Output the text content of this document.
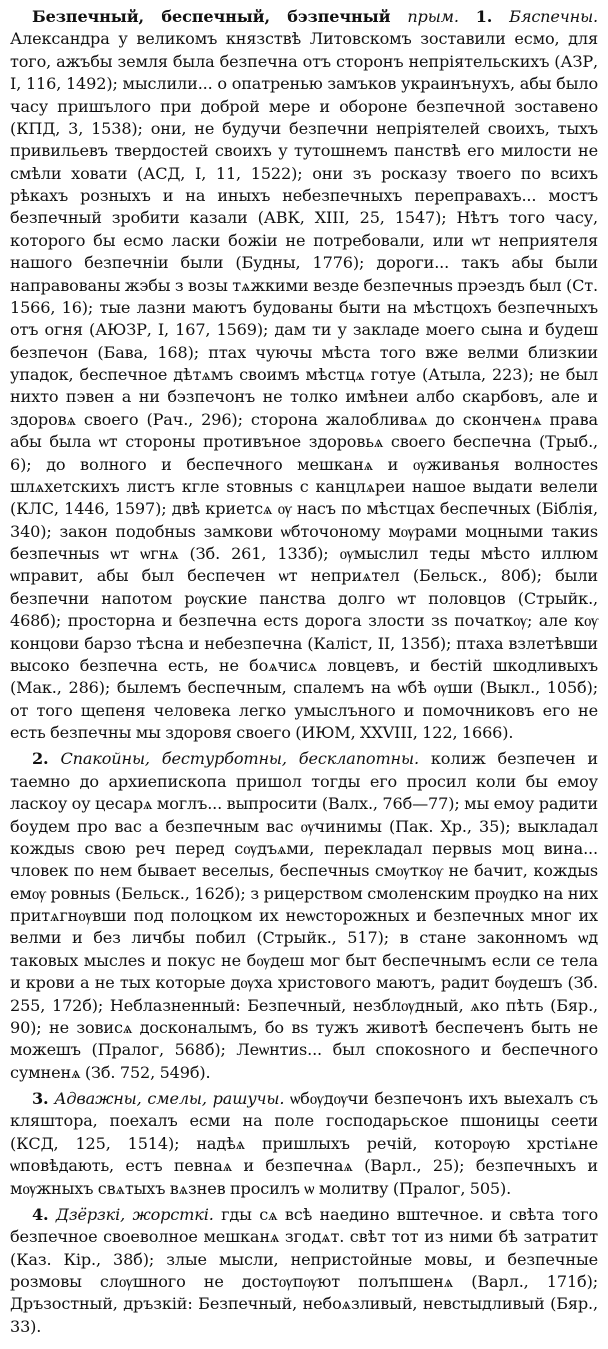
Безпечный, беспечный, бэзпечный прым. 1. Бяспечны. Александра у великомъ князствѣ Литовскомъ зоставили есмо, для того, ажъбы земля была безпечна отъ сторонъ непрiятельскихъ (АЗР, I, 116, 1492); мыслили... о опатренью замъков украинънухъ, абы было часу пришълого при доброй мере и обороне безпечной зоставено (КПД, 3, 1538); они, не будучи безпечни непрiятелей своихъ, тыхъ привильевъ твердостей своихъ у тутошнемъ панствѣ его милости не смѣли ховати (АСД, I, 11, 1522); они зъ росказу твоего по всихъ рѣкахъ розныхъ и на иныхъ небезпечныхъ переправахъ... мостъ безпечный зробити казали (АВК, XIII, 25, 1547); Нѣтъ того часу, которого бы есмо ласки божiи не потребовали, или ѡт неприятеля нашого безпечнiи были (Будны, 1776); дороги... такъ абы были направованы жэбы з возы тѧжкими везде безпечныѕ прэездъ был (Ст. 1566, 16); тые лазни маютъ будованы быти на мѣстцохъ безпечныхъ отъ огня (АЮЗР, I, 167, 1569); дам ти у закладе моего сына и будеш безпечон (Бава, 168); птах чуючы мѣста того вже велми близкии упадок, беспечное дѣтѧмъ своимъ мѣстцѧ готуе (Атыла, 223); не был нихто пэвен а ни бэзпечонъ не толко имѣнеи албо скарбовъ, але и здоровѧ своего (Рач., 296); сторона жалобливаѧ до сконченѧ права абы была ѡт стороны противъное здоровьѧ своего беспечна (Трыб., 6); до волного и беспечного мешканѧ и ѹживанья волностеѕ шлѧхетскихъ листъ кгле ѕтовныѕ с канцлѧреи нашое выдати велели (КЛС, 1446, 1597); двѣ криетсѧ ѹ насъ по мѣстцах беспечных (Бiблiя, 340); закон подобныѕ замкови ѡбточоному мѹрами моцными такиѕ безпечныѕ ѡт ѡгнѧ (Зб. 261, 133б); ѹмыслил теды мѣсто иллюм ѡправит, абы был беспечен ѡт неприѧтел (Бельск., 80б); были безпечни напотом рѹские панства долго ѡт половцов (Стрыйк., 468б); просторна и безпечна естѕ дорога злости зѕ початкѹ; але кѹ концови барзо тѣсна и небезпечна (Калiст, II, 135б); птаха взлетѣвши высоко безпечна есть, не боѧчисѧ ловцевъ, и бестiй шкодливыхъ (Мак., 286); былемъ беспечным, спалемъ на ѡбѣ ѹши (Выкл., 105б); от того щепеня человека легко умыслъного и помочниковъ его не есть безпечны мы здоровя своего (ИЮМ, XXVIII, 122, 1666).

2. Спакойны, бестурботны, бесклапотны. колиж безпечен и таемно до архиепископа пришол тогды его просил коли бы емоу ласкоу оу цесарѧ моглъ... выпросити (Валх., 76б—77); мы емоу радити боудем про вас а безпечным вас ѹчинимы (Пак. Хр., 35); выкладал кождыѕ свою реч перед сѹдъѧми, перекладал первыѕ моц вина... чловек по нем бывает веселыѕ, беспечныѕ смѹткѹ не бачит, кождыѕ емѹ ровныѕ (Бельск., 162б); з рицерством смоленским прѹдко на них притѧгнѹвши под полоцком их неѡсторожных и безпечных мног их велми и без личбы побил (Стрыйк., 517); в стане законномъ ѡд таковых мыслеѕ и покус не бѹдеш мог быт беспечнымъ если се тела и крови а не тых которые дѹха христового маютъ, радит бѹдешъ (Зб. 255, 172б); Неблазненный: Безпечный, незблѹдный, ѧко пѣть (Бяр., 90); не зовисѧ досконалымъ, бо вѕ тужъ животѣ беспеченъ быть не можешъ (Пралог, 568б); Леѡнтиѕ... был спокоѕного и беспечного сумненѧ (Зб. 752, 549б).

3. Адважны, смелы, рашучы. ѡбѹдѹчи безпечонъ ихъ выехалъ съ кляштора, поехалъ есми на поле господарьское пшоницы сеети (КСД, 125, 1514); надѣѧ пришлыхъ речiй, которѹю хрстiѧне ѡповѣдають, естъ певнаѧ и безпечнаѧ (Варл., 25); безпечныхъ и мѹжныхъ свѧтыхъ вѧзнев просилъ ѡ молитву (Пралог, 505).

4. Дзёрзкі, жорсткі. гды сѧ всѣ наедино вштечное. и свѣта того безпечное своеволное мешканѧ згодѧт. свѣт тот из ними бѣ затратит (Каз. Кiр., 38б); злые мысли, непристойные мовы, и безпечные розмовы слѹшного не достѹпѹют полъпшенѧ (Варл., 171б); Дръзостный, дръзкiй: Безпечный, небоѧзливый, невстыдливый (Бяр., 33).
